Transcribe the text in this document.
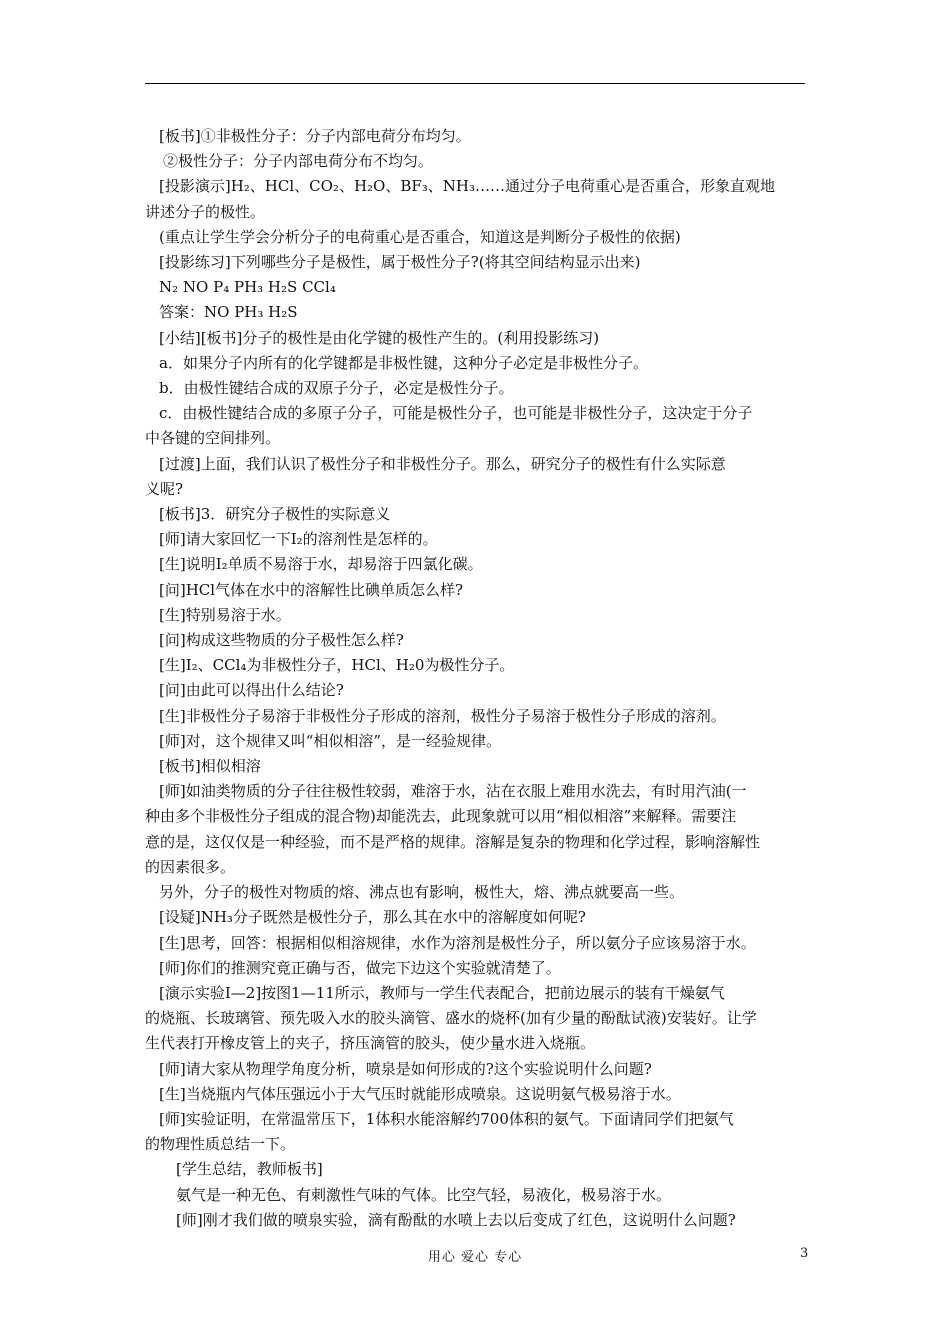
[板书]①非极性分子：分子内部电荷分布均匀。

②极性分子：分子内部电荷分布不均匀。

[投影演示]H₂、HCl、CO₂、H₂O、BF₃、NH₃……通过分子电荷重心是否重合，形象直观地

讲述分子的极性。

(重点让学生学会分析分子的电荷重心是否重合，知道这是判断分子极性的依据)

[投影练习]下列哪些分子是极性，属于极性分子?(将其空间结构显示出来)

N₂ NO P₄ PH₃ H₂S CCl₄

答案：NO PH₃ H₂S

[小结][板书]分子的极性是由化学键的极性产生的。(利用投影练习)

a．如果分子内所有的化学键都是非极性键，这种分子必定是非极性分子。

b．由极性键结合成的双原子分子，必定是极性分子。

c．由极性键结合成的多原子分子，可能是极性分子，也可能是非极性分子，这决定于分子

中各键的空间排列。

[过渡]上面，我们认识了极性分子和非极性分子。那么，研究分子的极性有什么实际意

义呢?

[板书]3．研究分子极性的实际意义

[师]请大家回忆一下I₂的溶剂性是怎样的。

[生]说明I₂单质不易溶于水，却易溶于四氯化碳。

[问]HCl气体在水中的溶解性比碘单质怎么样?

[生]特别易溶于水。

[问]构成这些物质的分子极性怎么样?

[生]I₂、CCl₄为非极性分子，HCl、H₂0为极性分子。

[问]由此可以得出什么结论?

[生]非极性分子易溶于非极性分子形成的溶剂，极性分子易溶于极性分子形成的溶剂。

[师]对，这个规律又叫“相似相溶”，是一经验规律。

[板书]相似相溶

[师]如油类物质的分子往往极性较弱，难溶于水，沾在衣服上难用水洗去，有时用汽油(一

种由多个非极性分子组成的混合物)却能洗去，此现象就可以用“相似相溶”来解释。需要注

意的是，这仅仅是一种经验，而不是严格的规律。溶解是复杂的物理和化学过程，影响溶解性

的因素很多。

另外，分子的极性对物质的熔、沸点也有影响，极性大，熔、沸点就要高一些。

[设疑]NH₃分子既然是极性分子，那么其在水中的溶解度如何呢?

[生]思考，回答：根据相似相溶规律，水作为溶剂是极性分子，所以氨分子应该易溶于水。

[师]你们的推测究竟正确与否，做完下边这个实验就清楚了。

[演示实验I—2]按图1—11所示，教师与一学生代表配合，把前边展示的装有干燥氨气

的烧瓶、长玻璃管、预先吸入水的胶头滴管、盛水的烧杯(加有少量的酚酞试液)安装好。让学

生代表打开橡皮管上的夹子，挤压滴管的胶头，使少量水进入烧瓶。

[师]请大家从物理学角度分析，喷泉是如何形成的?这个实验说明什么问题?

[生]当烧瓶内气体压强远小于大气压时就能形成喷泉。这说明氨气极易溶于水。

[师]实验证明，在常温常压下，1体积水能溶解约700体积的氨气。下面请同学们把氨气

的物理性质总结一下。

[学生总结，教师板书]

氨气是一种无色、有刺激性气味的气体。比空气轻，易液化，极易溶于水。

[师]刚才我们做的喷泉实验，滴有酚酞的水喷上去以后变成了红色，这说明什么问题?

用心 爱心 专心	3
